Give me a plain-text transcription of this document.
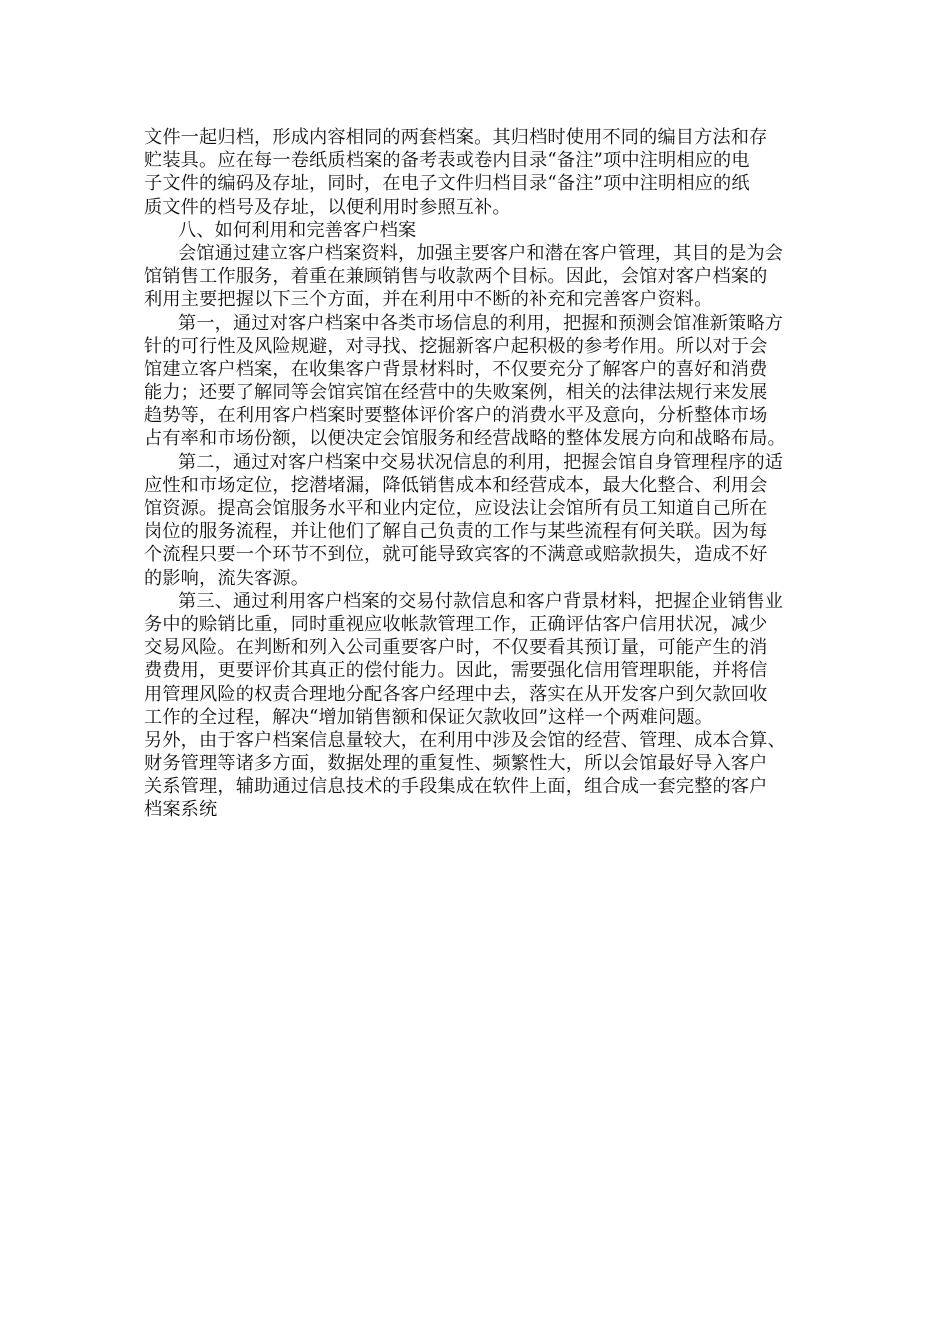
文件一起归档，形成内容相同的两套档案。其归档时使用不同的编目方法和存
贮装具。应在每一卷纸质档案的备考表或卷内目录“备注”项中注明相应的电
子文件的编码及存址，同时，在电子文件归档目录“备注”项中注明相应的纸
质文件的档号及存址，以便利用时参照互补。
八、如何利用和完善客户档案
会馆通过建立客户档案资料，加强主要客户和潜在客户管理，其目的是为会
馆销售工作服务，着重在兼顾销售与收款两个目标。因此，会馆对客户档案的
利用主要把握以下三个方面，并在利用中不断的补充和完善客户资料。
第一，通过对客户档案中各类市场信息的利用，把握和预测会馆准新策略方
针的可行性及风险规避，对寻找、挖掘新客户起积极的参考作用。所以对于会
馆建立客户档案，在收集客户背景材料时，不仅要充分了解客户的喜好和消费
能力；还要了解同等会馆宾馆在经营中的失败案例，相关的法律法规行来发展
趋势等，在利用客户档案时要整体评价客户的消费水平及意向，分析整体市场
占有率和市场份额，以便决定会馆服务和经营战略的整体发展方向和战略布局。
第二，通过对客户档案中交易状况信息的利用，把握会馆自身管理程序的适
应性和市场定位，挖潜堵漏，降低销售成本和经营成本，最大化整合、利用会
馆资源。提高会馆服务水平和业内定位，应设法让会馆所有员工知道自己所在
岗位的服务流程，并让他们了解自己负责的工作与某些流程有何关联。因为每
个流程只要一个环节不到位，就可能导致宾客的不满意或赔款损失，造成不好
的影响，流失客源。
第三、通过利用客户档案的交易付款信息和客户背景材料，把握企业销售业
务中的赊销比重，同时重视应收帐款管理工作，正确评估客户信用状况，减少
交易风险。在判断和列入公司重要客户时，不仅要看其预订量，可能产生的消
费费用，更要评价其真正的偿付能力。因此，需要强化信用管理职能，并将信
用管理风险的权责合理地分配各客户经理中去，落实在从开发客户到欠款回收
工作的全过程，解决“增加销售额和保证欠款收回”这样一个两难问题。
另外，由于客户档案信息量较大，在利用中涉及会馆的经营、管理、成本合算、
财务管理等诸多方面，数据处理的重复性、频繁性大，所以会馆最好导入客户
关系管理，辅助通过信息技术的手段集成在软件上面，组合成一套完整的客户
档案系统
